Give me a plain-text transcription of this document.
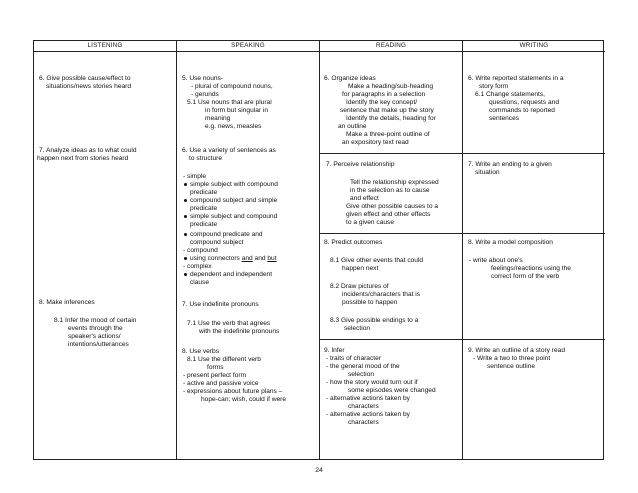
LISTENING
6. Give possible cause/effect to
situations/news stories heard
7. Analyze ideas as to what could
happen next from stories heard
8. Make inferences
8.1 Infer the mood of certain
events through the
speaker's actions/
intentions/utterances
SPEAKING
5. Use nouns-
- plural of compound nouns,
- gerunds
5.1 Use nouns that are plural
in form but singular in
meaning
e.g. news, measles
6. Use a variety of sentences as
to structure
- simple
simple subject with compound
predicate
compound subject and simple
predicate
simple subject and compound
predicate
compound predicate and
compound subject
- compound
using connectors and and but
- complex
dependent and independent
clause
7. Use indefinite pronouns
7.1 Use the verb that agrees
with the indefinite pronouns
8. Use verbs
8.1 Use the different verb
forms
- present perfect form
- active and passive voice
- expressions about future plans –
hope-can; wish, could if were
READING
6. Organize ideas
Make a heading/sub-heading
for paragraphs in a selection
Identify the key concept/
sentence that make up the story
Identify the details, heading for
an outline
Make a three-point outline of
an expository text read
7. Perceive relationship
Tell the relationship expressed
in the selection as to cause
and effect
Give other possible causes to a
given effect and other effects
to a given cause
8. Predict outcomes
8.1 Give other events that could
happen next
8.2 Draw pictures of
incidents/characters that is
possible to happen
8.3 Give possible endings to a
selection
9. Infer
- traits of character
- the general mood of the
selection
- how the story would turn out if
some episodes were changed
- alternative actions taken by
characters
- alternative actions taken by
characters
WRITING
6. Write reported statements in a
story form
6.1 Change statements,
questions, requests and
commands to reported
sentences
7. Write an ending to a given
situation
8. Write a model composition
- write about one's
feelings/reactions using the
correct form of the verb
9. Write an outline of a story read
- Write a two to three point
sentence outline
24
